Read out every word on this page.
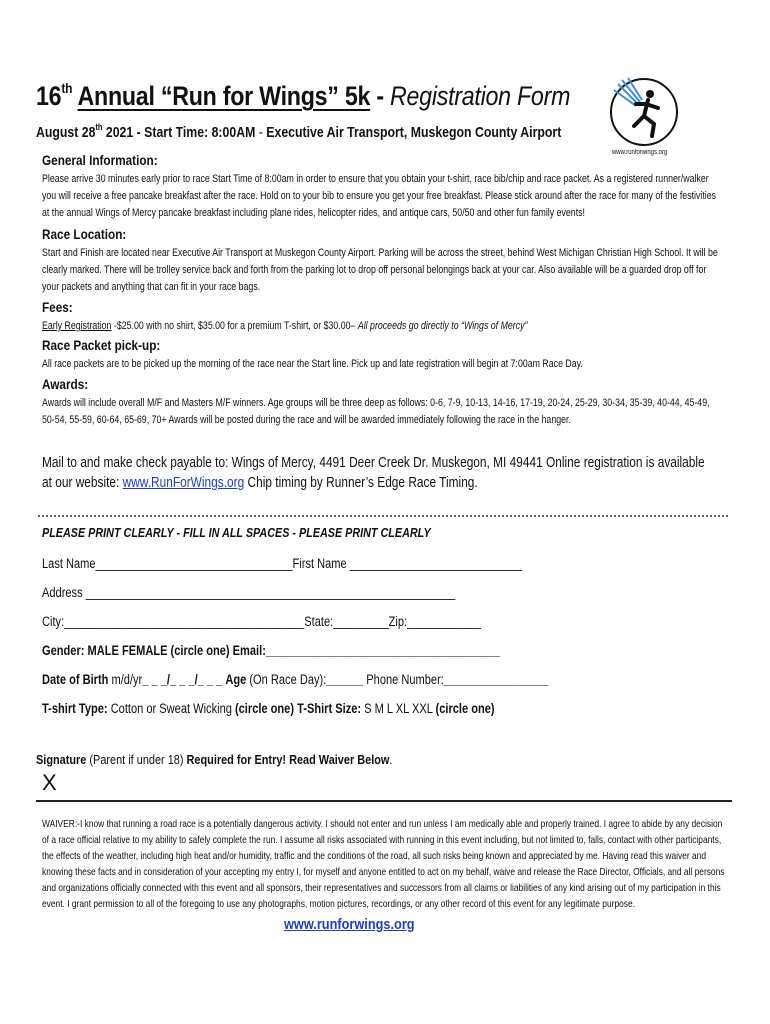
16th Annual “Run for Wings” 5k - Registration Form
August 28th 2021 - Start Time: 8:00AM - Executive Air Transport, Muskegon County Airport
www.runforwings.org
General Information:
Please arrive 30 minutes early prior to race Start Time of 8:00am in order to ensure that you obtain your t-shirt, race bib/chip and race packet. As a registered runner/walker you will receive a free pancake breakfast after the race. Hold on to your bib to ensure you get your free breakfast. Please stick around after the race for many of the festivities at the annual Wings of Mercy pancake breakfast including plane rides, helicopter rides, and antique cars, 50/50 and other fun family events!
Race Location:
Start and Finish are located near Executive Air Transport at Muskegon County Airport. Parking will be across the street, behind West Michigan Christian High School. It will be clearly marked. There will be trolley service back and forth from the parking lot to drop off personal belongings back at your car. Also available will be a guarded drop off for your packets and anything that can fit in your race bags.
Fees:
Early Registration -$25.00 with no shirt, $35.00 for a premium T-shirt, or $30.00– All proceeds go directly to “Wings of Mercy”
Race Packet pick-up:
All race packets are to be picked up the morning of the race near the Start line. Pick up and late registration will begin at 7:00am Race Day.
Awards:
Awards will include overall M/F and Masters M/F winners. Age groups will be three deep as follows: 0-6, 7-9, 10-13, 14-16, 17-19, 20-24, 25-29, 30-34, 35-39, 40-44, 45-49, 50-54, 55-59, 60-64, 65-69, 70+ Awards will be posted during the race and will be awarded immediately following the race in the hanger.
Mail to and make check payable to: Wings of Mercy, 4491 Deer Creek Dr. Muskegon, MI 49441 Online registration is available at our website: www.RunForWings.org Chip timing by Runner’s Edge Race Timing.
PLEASE PRINT CLEARLY - FILL IN ALL SPACES - PLEASE PRINT CLEARLY
Last Name________________________________First Name ____________________________
Address ____________________________________________________________
City:_______________________________________State:_________Zip:____________
Gender: MALE FEMALE (circle one) Email:______________________________________
Date of Birth m/d/yr_ _ _/_ _ _/_ _ _ Age (On Race Day):______ Phone Number:_________________
T-shirt Type: Cotton or Sweat Wicking (circle one) T-Shirt Size: S M L XL XXL (circle one)
Signature (Parent if under 18) Required for Entry! Read Waiver Below.
X
WAIVER:-I know that running a road race is a potentially dangerous activity. I should not enter and run unless I am medically able and properly trained. I agree to abide by any decision of a race official relative to my ability to safely complete the run. I assume all risks associated with running in this event including, but not limited to, falls, contact with other participants, the effects of the weather, including high heat and/or humidity, traffic and the conditions of the road, all such risks being known and appreciated by me. Having read this waiver and knowing these facts and in consideration of your accepting my entry I, for myself and anyone entitled to act on my behalf, waive and release the Race Director, Officials, and all persons and organizations officially connected with this event and all sponsors, their representatives and successors from all claims or liabilities of any kind arising out of my participation in this event. I grant permission to all of the foregoing to use any photographs, motion pictures, recordings, or any other record of this event for any legitimate purpose.
www.runforwings.org
